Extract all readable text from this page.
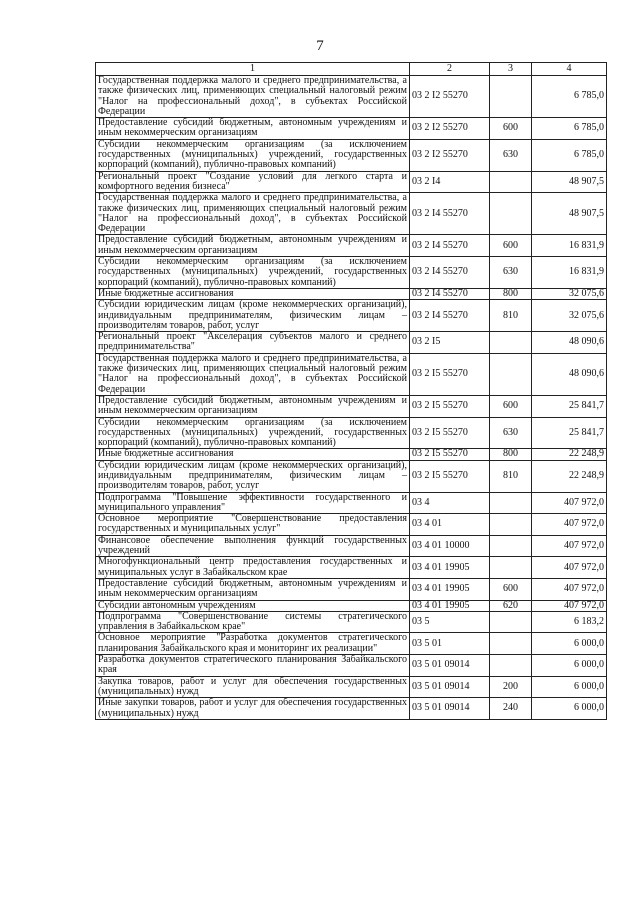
7
1	2	3	4
Государственная поддержка малого и среднего предпринимательства, а также физических лиц, применяющих специальный налоговый режим "Налог на профессиональный доход", в субъектах Российской Федерации	03 2 I2 55270		6 785,0
Предоставление субсидий бюджетным, автономным учреждениям и иным некоммерческим организациям	03 2 I2 55270	600	6 785,0
Субсидии некоммерческим организациям (за исключением государственных (муниципальных) учреждений, государственных корпораций (компаний), публично-правовых компаний)	03 2 I2 55270	630	6 785,0
Региональный проект "Создание условий для легкого старта и комфортного ведения бизнеса"	03 2 I4		48 907,5
Государственная поддержка малого и среднего предпринимательства, а также физических лиц, применяющих специальный налоговый режим "Налог на профессиональный доход", в субъектах Российской Федерации	03 2 I4 55270		48 907,5
Предоставление субсидий бюджетным, автономным учреждениям и иным некоммерческим организациям	03 2 I4 55270	600	16 831,9
Субсидии некоммерческим организациям (за исключением государственных (муниципальных) учреждений, государственных корпораций (компаний), публично-правовых компаний)	03 2 I4 55270	630	16 831,9
Иные бюджетные ассигнования	03 2 I4 55270	800	32 075,6
Субсидии юридическим лицам (кроме некоммерческих организаций), индивидуальным предпринимателям, физическим лицам – производителям товаров, работ, услуг	03 2 I4 55270	810	32 075,6
Региональный проект "Акселерация субъектов малого и среднего предпринимательства"	03 2 I5		48 090,6
Государственная поддержка малого и среднего предпринимательства, а также физических лиц, применяющих специальный налоговый режим "Налог на профессиональный доход", в субъектах Российской Федерации	03 2 I5 55270		48 090,6
Предоставление субсидий бюджетным, автономным учреждениям и иным некоммерческим организациям	03 2 I5 55270	600	25 841,7
Субсидии некоммерческим организациям (за исключением государственных (муниципальных) учреждений, государственных корпораций (компаний), публично-правовых компаний)	03 2 I5 55270	630	25 841,7
Иные бюджетные ассигнования	03 2 I5 55270	800	22 248,9
Субсидии юридическим лицам (кроме некоммерческих организаций), индивидуальным предпринимателям, физическим лицам – производителям товаров, работ, услуг	03 2 I5 55270	810	22 248,9
Подпрограмма "Повышение эффективности государственного и муниципального управления"	03 4		407 972,0
Основное мероприятие "Совершенствование предоставления государственных и муниципальных услуг"	03 4 01		407 972,0
Финансовое обеспечение выполнения функций государственных учреждений	03 4 01 10000		407 972,0
Многофункциональный центр предоставления государственных и муниципальных услуг в Забайкальском крае	03 4 01 19905		407 972,0
Предоставление субсидий бюджетным, автономным учреждениям и иным некоммерческим организациям	03 4 01 19905	600	407 972,0
Субсидии автономным учреждениям	03 4 01 19905	620	407 972,0
Подпрограмма "Совершенствование системы стратегического управления в Забайкальском крае"	03 5		6 183,2
Основное мероприятие "Разработка документов стратегического планирования Забайкальского края и мониторинг их реализации"	03 5 01		6 000,0
Разработка документов стратегического планирования Забайкальского края	03 5 01 09014		6 000,0
Закупка товаров, работ и услуг для обеспечения государственных (муниципальных) нужд	03 5 01 09014	200	6 000,0
Иные закупки товаров, работ и услуг для обеспечения государственных (муниципальных) нужд	03 5 01 09014	240	6 000,0
